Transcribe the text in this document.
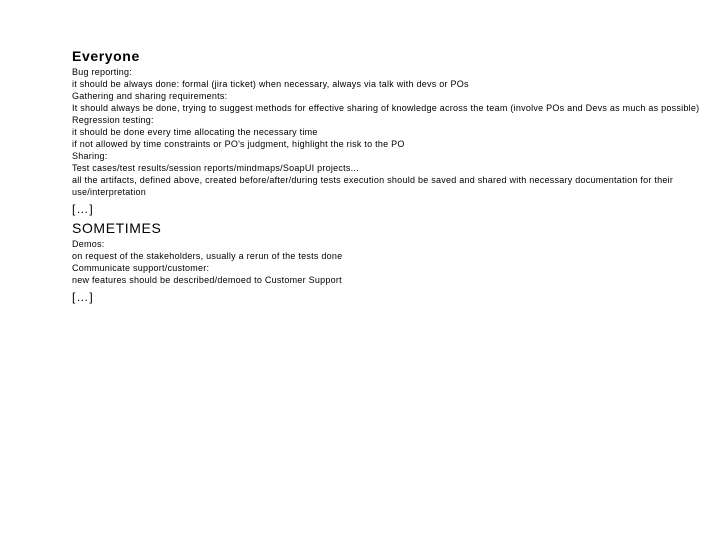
Everyone
Bug reporting:
it should be always done: formal (jira ticket) when necessary, always via talk with devs or POs
Gathering and sharing requirements:
It should always be done, trying to suggest methods for effective sharing of knowledge across the team (involve POs and Devs as much as possible)
Regression testing:
it should be done every time allocating the necessary time
if not allowed by time constraints or PO's judgment, highlight the risk to the PO
Sharing:
Test cases/test results/session reports/mindmaps/SoapUI projects...
all the artifacts, defined above, created before/after/during tests execution should be saved and shared with necessary documentation for their use/interpretation
[…]
SOMETIMES
Demos:
on request of the stakeholders, usually a rerun of the tests done
Communicate support/customer:
new features should be described/demoed to Customer Support
[…]
